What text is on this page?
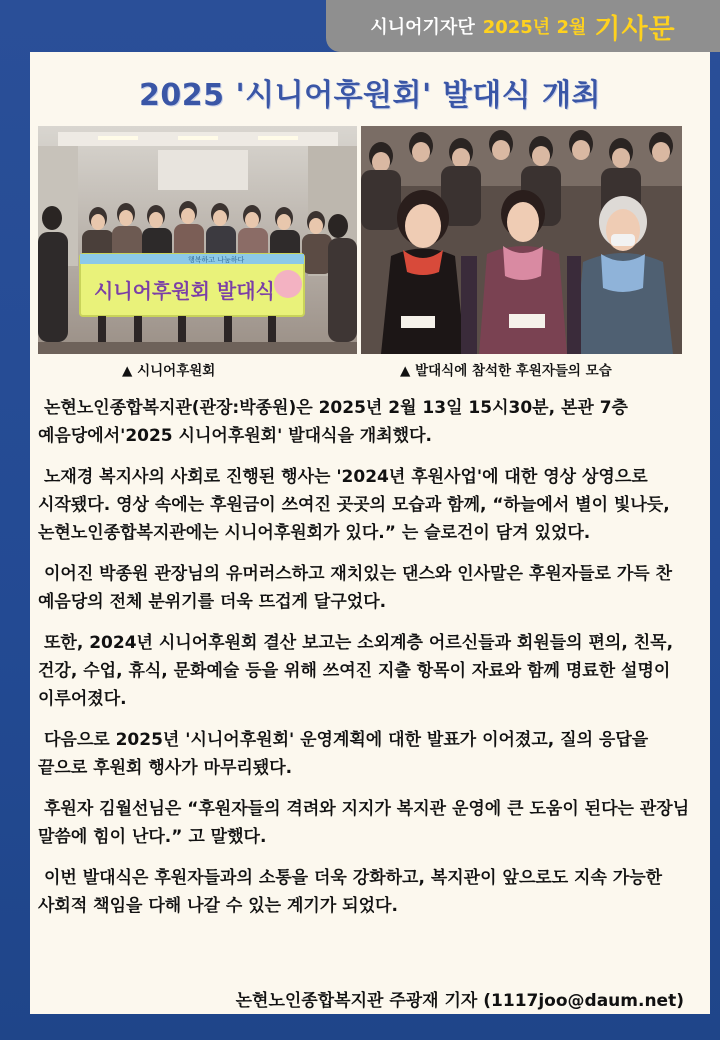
시니어기자단 2025년 2월 기사문
2025 '시니어후원회' 발대식 개최
행복하고 나눔하다
시니어후원회 발대식
▲ 시니어후원회	▲ 발대식에 참석한 후원자들의 모습

논현노인종합복지관(관장:박종원)은 2025년 2월 13일 15시30분, 본관 7층 예음당에서'2025 시니어후원회' 발대식을 개최했다.

노재경 복지사의 사회로 진행된 행사는 '2024년 후원사업'에 대한 영상 상영으로 시작됐다. 영상 속에는 후원금이 쓰여진 곳곳의 모습과 함께, “하늘에서 별이 빛나듯, 논현노인종합복지관에는 시니어후원회가 있다.” 는 슬로건이 담겨 있었다.

이어진 박종원 관장님의 유머러스하고 재치있는 댄스와 인사말은 후원자들로 가득 찬 예음당의 전체 분위기를 더욱 뜨겁게 달구었다.

또한, 2024년 시니어후원회 결산 보고는 소외계층 어르신들과 회원들의 편의, 친목, 건강, 수업, 휴식, 문화예술 등을 위해 쓰여진 지출 항목이 자료와 함께 명료한 설명이 이루어졌다.

다음으로 2025년 '시니어후원회' 운영계획에 대한 발표가 이어졌고, 질의 응답을 끝으로 후원회 행사가 마무리됐다.

후원자 김월선님은 “후원자들의 격려와 지지가 복지관 운영에 큰 도움이 된다는 관장님 말씀에 힘이 난다.” 고 말했다.

이번 발대식은 후원자들과의 소통을 더욱 강화하고, 복지관이 앞으로도 지속 가능한 사회적 책임을 다해 나갈 수 있는 계기가 되었다.

논현노인종합복지관 주광재 기자 (1117joo@daum.net)
